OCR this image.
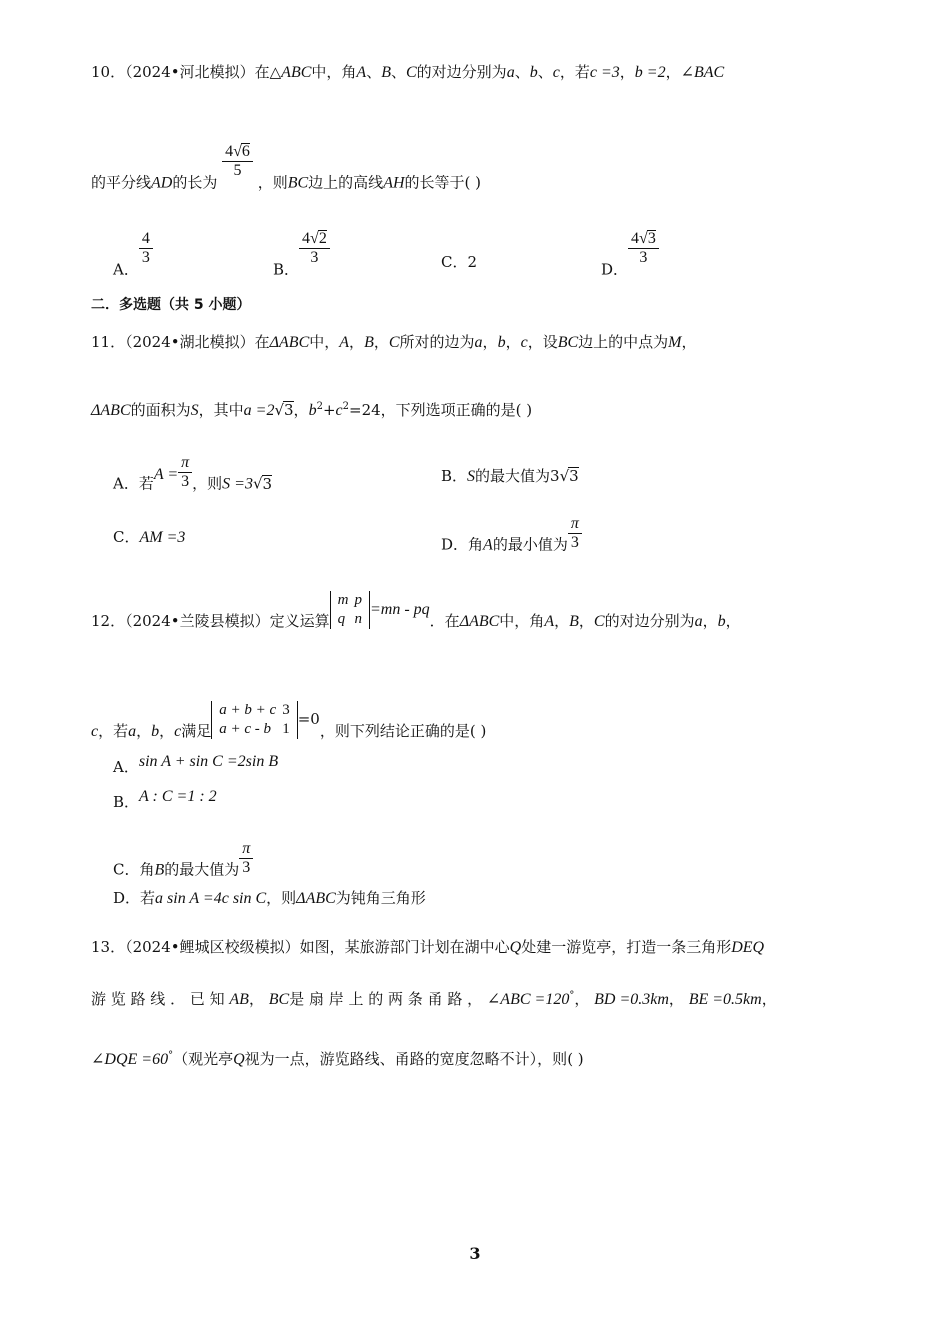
10．（2024•河北模拟）在△ABC中，角A、B、C的对边分别为a、b、c，若c =3，b =2，∠BAC
的平分线AD的长为
$\frac{4√6}{5}$
，则BC边上的高线AH的长等于( )
A．
$\frac{4}{3}$
B．
$\frac{4√2}{3}$	C．2	D．
$\frac{4√3}{3}$
二．多选题（共 5 小题）
11．（2024•湖北模拟）在ΔABC中，A，B，C所对的边为a，b，c，设BC边上的中点为M，
ΔABC的面积为S，其中a =2√3，$b^2+c^2=24$，下列选项正确的是( )
A．若$A = \frac{\pi}{3}$ ，则S =3√3	B．S的最大值为3√3
C．AM =3	D．角A的最小值为 $\frac{\pi}{3}$
12．（2024•兰陵县模拟）定义运算
m	p
q	n
=mn - pq．在ΔABC中，角A，B，C的对边分别为a，b，
c，若a，b，c满足
a + b + c	3
a + c - b	1
=0，则下列结论正确的是( )
A．sin A + sin C =2sin B
B．A : C =1 : 2
C．角B的最大值为 $\frac{\pi}{3}$
D．若a sin A =4c sin C，则ΔABC为钝角三角形
13．（2024•鲤城区校级模拟）如图，某旅游部门计划在湖中心Q处建一游览亭，打造一条三角形DEQ
游 览 路 线 ． 已 知 AB， BC是 扇 岸 上 的 两 条 甬 路 ， ∠ABC =120°， BD =0.3km， BE =0.5km，
∠DQE =60°（观光亭Q视为一点，游览路线、甬路的宽度忽略不计），则( )
3
